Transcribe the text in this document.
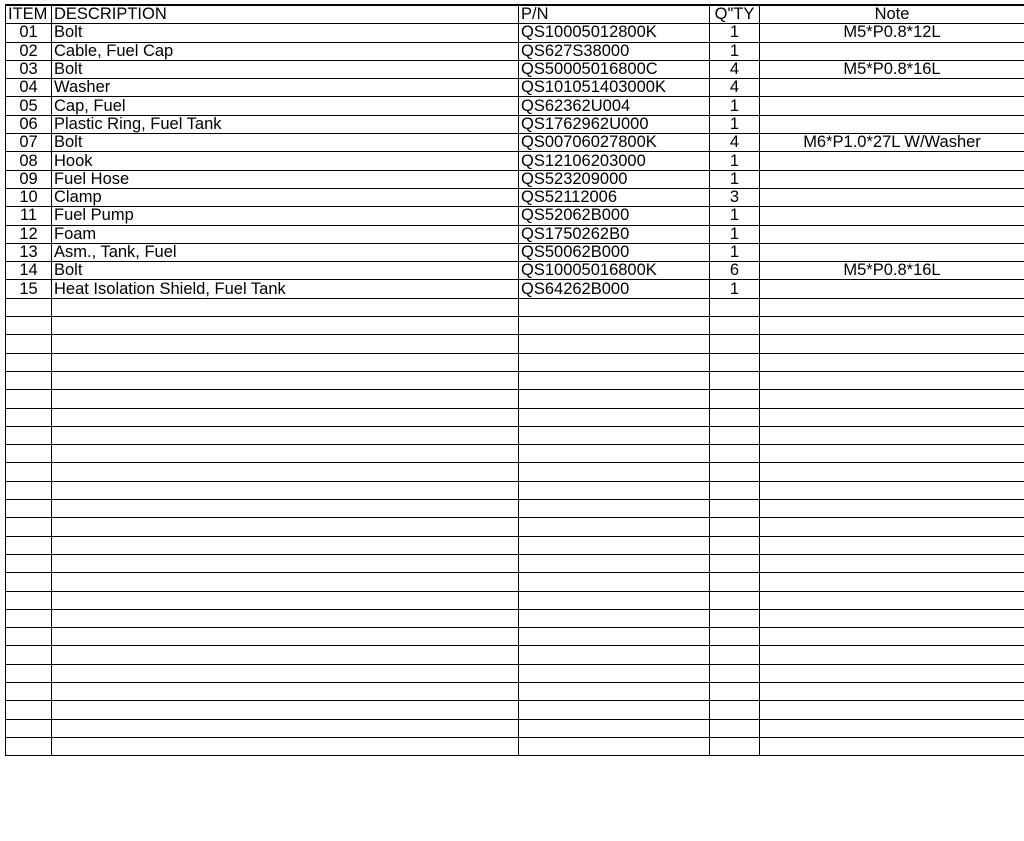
ITEM	DESCRIPTION	P/N	Q"TY	Note
01	Bolt	QS10005012800K	1	M5*P0.8*12L
02	Cable, Fuel Cap	QS627S38000	1	
03	Bolt	QS50005016800C	4	M5*P0.8*16L
04	Washer	QS101051403000K	4	
05	Cap, Fuel	QS62362U004	1	
06	Plastic Ring, Fuel Tank	QS1762962U000	1	
07	Bolt	QS00706027800K	4	M6*P1.0*27L W/Washer
08	Hook	QS12106203000	1	
09	Fuel Hose	QS523209000	1	
10	Clamp	QS52112006	3	
11	Fuel Pump	QS52062B000	1	
12	Foam	QS1750262B0	1	
13	Asm., Tank, Fuel	QS50062B000	1	
14	Bolt	QS10005016800K	6	M5*P0.8*16L
15	Heat Isolation Shield, Fuel Tank	QS64262B000	1	
